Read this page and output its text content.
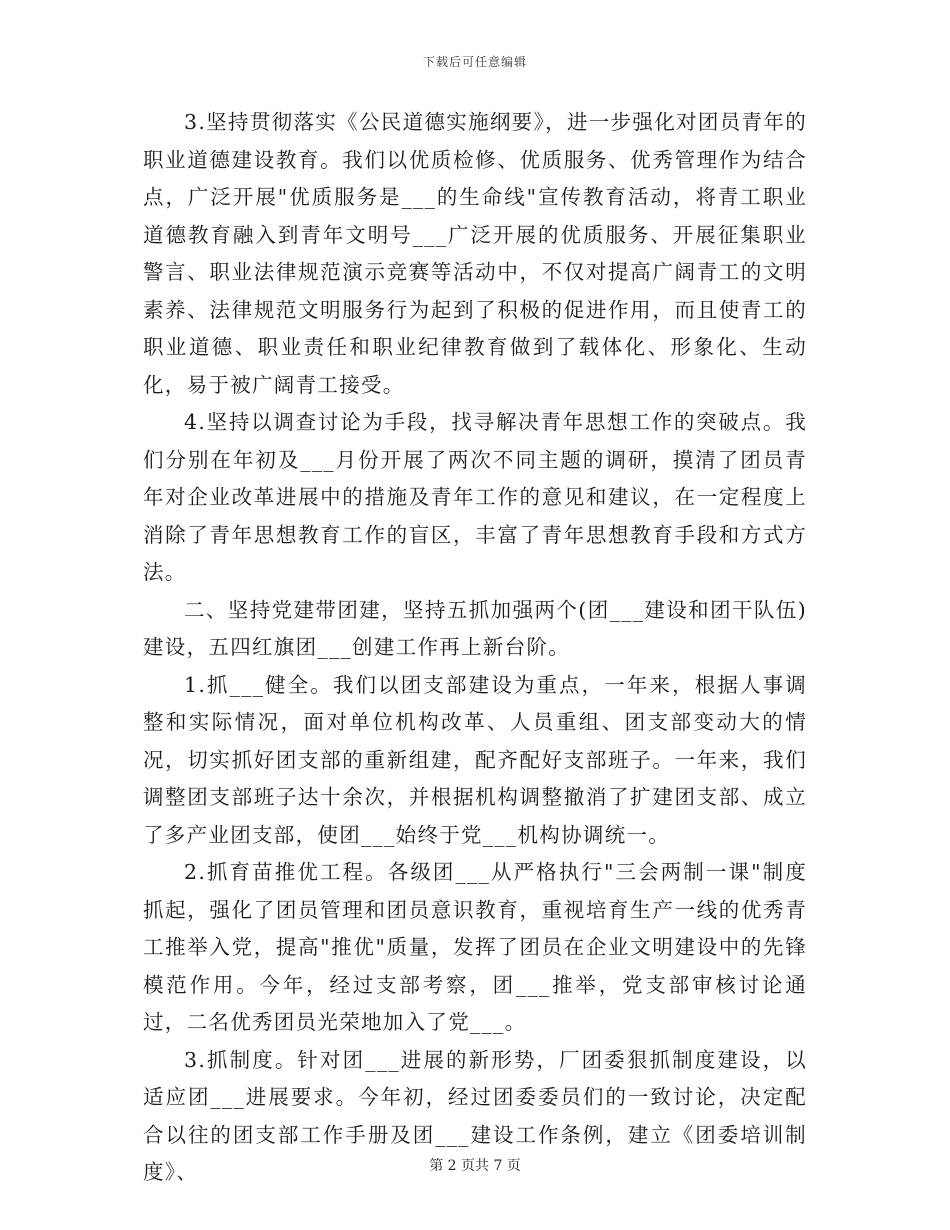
下载后可任意编辑

3.坚持贯彻落实《公民道德实施纲要》，进一步强化对团员青年的职业道德建设教育。我们以优质检修、优质服务、优秀管理作为结合点，广泛开展"优质服务是___的生命线"宣传教育活动，将青工职业道德教育融入到青年文明号___广泛开展的优质服务、开展征集职业警言、职业法律规范演示竞赛等活动中，不仅对提高广阔青工的文明素养、法律规范文明服务行为起到了积极的促进作用，而且使青工的职业道德、职业责任和职业纪律教育做到了载体化、形象化、生动化，易于被广阔青工接受。

4.坚持以调查讨论为手段，找寻解决青年思想工作的突破点。我们分别在年初及___月份开展了两次不同主题的调研，摸清了团员青年对企业改革进展中的措施及青年工作的意见和建议，在一定程度上消除了青年思想教育工作的盲区，丰富了青年思想教育手段和方式方法。

二、坚持党建带团建，坚持五抓加强两个(团___建设和团干队伍)建设，五四红旗团___创建工作再上新台阶。

1.抓___健全。我们以团支部建设为重点，一年来，根据人事调整和实际情况，面对单位机构改革、人员重组、团支部变动大的情况，切实抓好团支部的重新组建，配齐配好支部班子。一年来，我们调整团支部班子达十余次，并根据机构调整撤消了扩建团支部、成立了多产业团支部，使团___始终于党___机构协调统一。

2.抓育苗推优工程。各级团___从严格执行"三会两制一课"制度抓起，强化了团员管理和团员意识教育，重视培育生产一线的优秀青工推举入党，提高"推优"质量，发挥了团员在企业文明建设中的先锋模范作用。今年，经过支部考察，团___推举，党支部审核讨论通过，二名优秀团员光荣地加入了党___。

3.抓制度。针对团___进展的新形势，厂团委狠抓制度建设，以适应团___进展要求。今年初，经过团委委员们的一致讨论，决定配合以往的团支部工作手册及团___建设工作条例，建立《团委培训制度》、	第 2 页共 7 页
